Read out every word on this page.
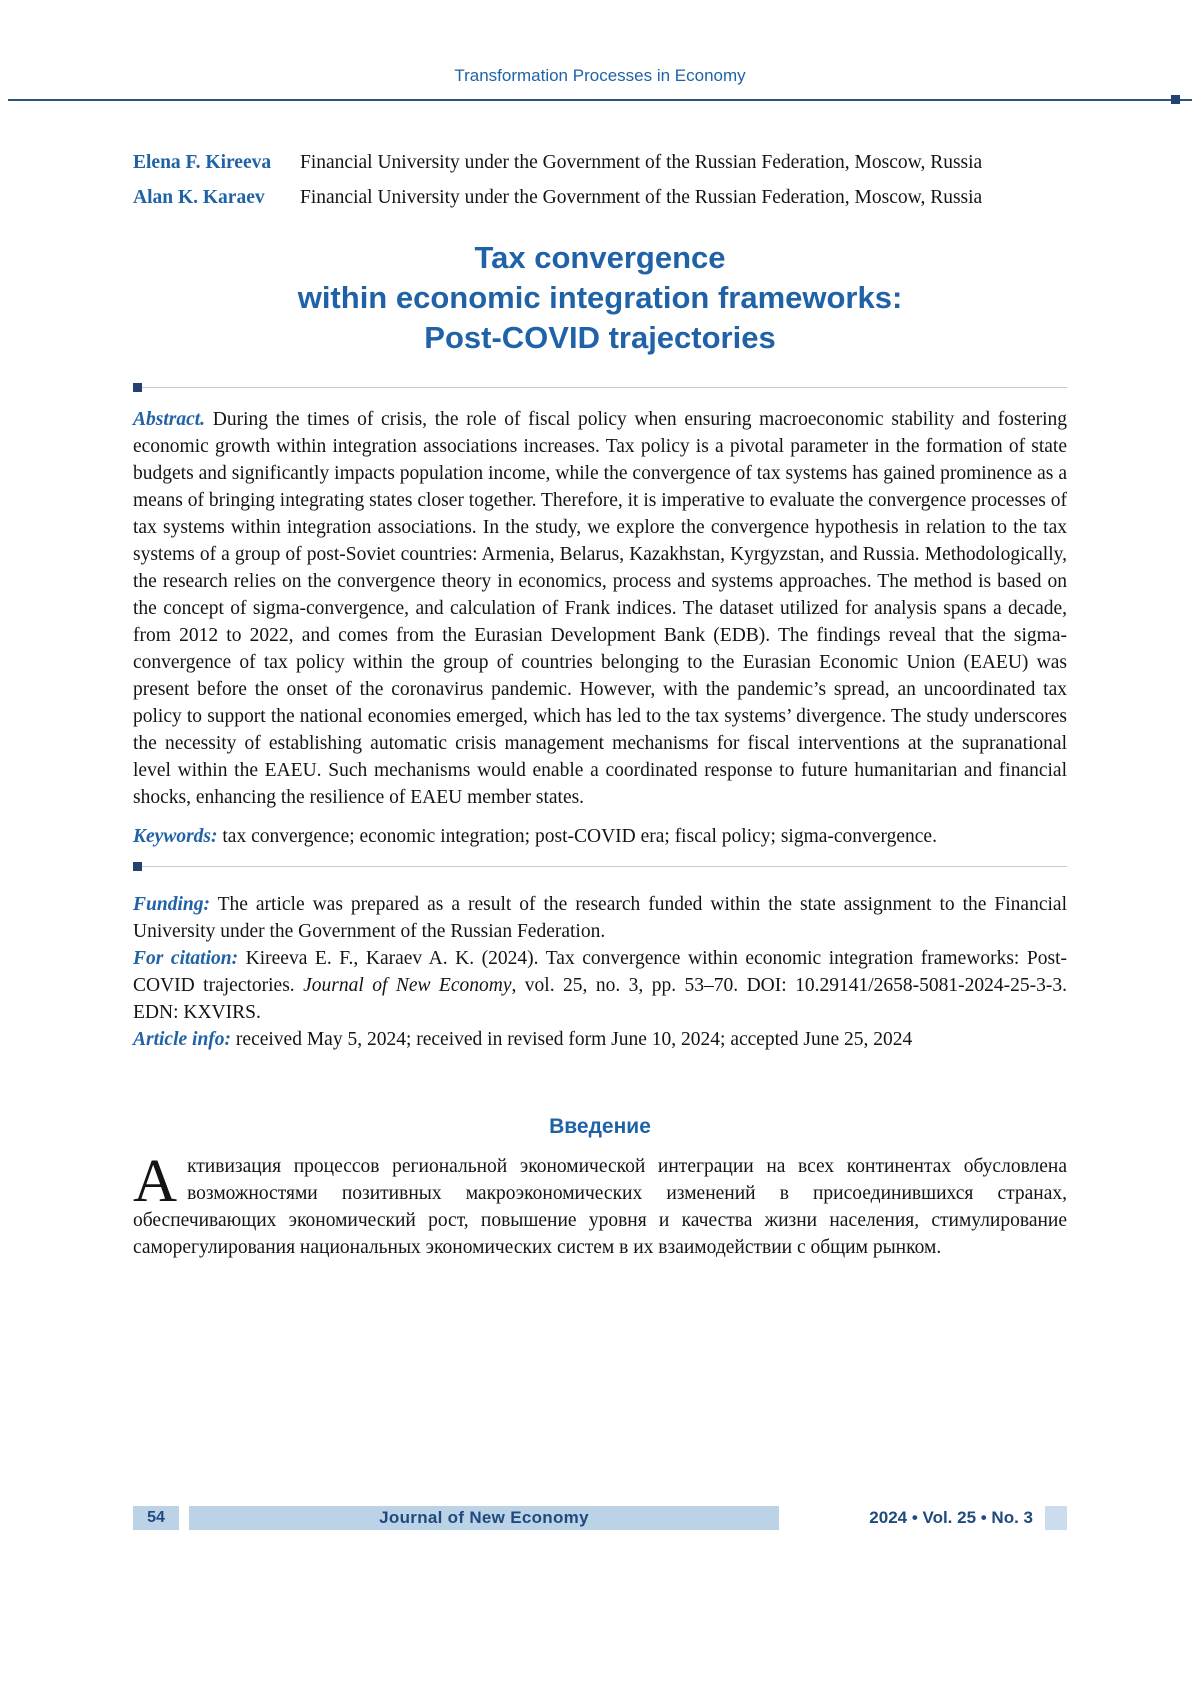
Transformation Processes in Economy
Elena F. Kireeva	Financial University under the Government of the Russian Federation, Moscow, Russia
Alan K. Karaev	Financial University under the Government of the Russian Federation, Moscow, Russia
Tax convergence
within economic integration frameworks:
Post-COVID trajectories

Abstract. During the times of crisis, the role of fiscal policy when ensuring macroeconomic stability and fostering economic growth within integration associations increases. Tax policy is a pivotal parameter in the formation of state budgets and significantly impacts population income, while the convergence of tax systems has gained prominence as a means of bringing integrating states closer together. Therefore, it is imperative to evaluate the convergence processes of tax systems within integration associations. In the study, we explore the convergence hypothesis in relation to the tax systems of a group of post-Soviet countries: Armenia, Belarus, Kazakhstan, Kyrgyzstan, and Russia. Methodologically, the research relies on the convergence theory in economics, process and systems approaches. The method is based on the concept of sigma-convergence, and calculation of Frank indices. The dataset utilized for analysis spans a decade, from 2012 to 2022, and comes from the Eurasian Development Bank (EDB). The findings reveal that the sigma-convergence of tax policy within the group of countries belonging to the Eurasian Economic Union (EAEU) was present before the onset of the coronavirus pandemic. However, with the pandemic’s spread, an uncoordinated tax policy to support the national economies emerged, which has led to the tax systems’ divergence. The study underscores the necessity of establishing automatic crisis management mechanisms for fiscal interventions at the supranational level within the EAEU. Such mechanisms would enable a coordinated response to future humanitarian and financial shocks, enhancing the resilience of EAEU member states.

Keywords: tax convergence; economic integration; post-COVID era; fiscal policy; sigma-convergence.

Funding: The article was prepared as a result of the research funded within the state assignment to the Financial University under the Government of the Russian Federation.

For citation: Kireeva E. F., Karaev A. K. (2024). Tax convergence within economic integration frameworks: Post-COVID trajectories. Journal of New Economy, vol. 25, no. 3, pp. 53–70. DOI: 10.29141/2658-5081-2024-25-3-3. EDN: KXVIRS.

Article info: received May 5, 2024; received in revised form June 10, 2024; accepted June 25, 2024

Введение

Активизация процессов региональной экономической интеграции на всех континентах обусловлена возможностями позитивных макроэкономических изменений в присоединившихся странах, обеспечивающих экономический рост, повышение уровня и качества жизни населения, стимулирование саморегулирования национальных экономических систем в их взаимодействии с общим рынком.

54	Journal of New Economy	2024 • Vol. 25 • No. 3
